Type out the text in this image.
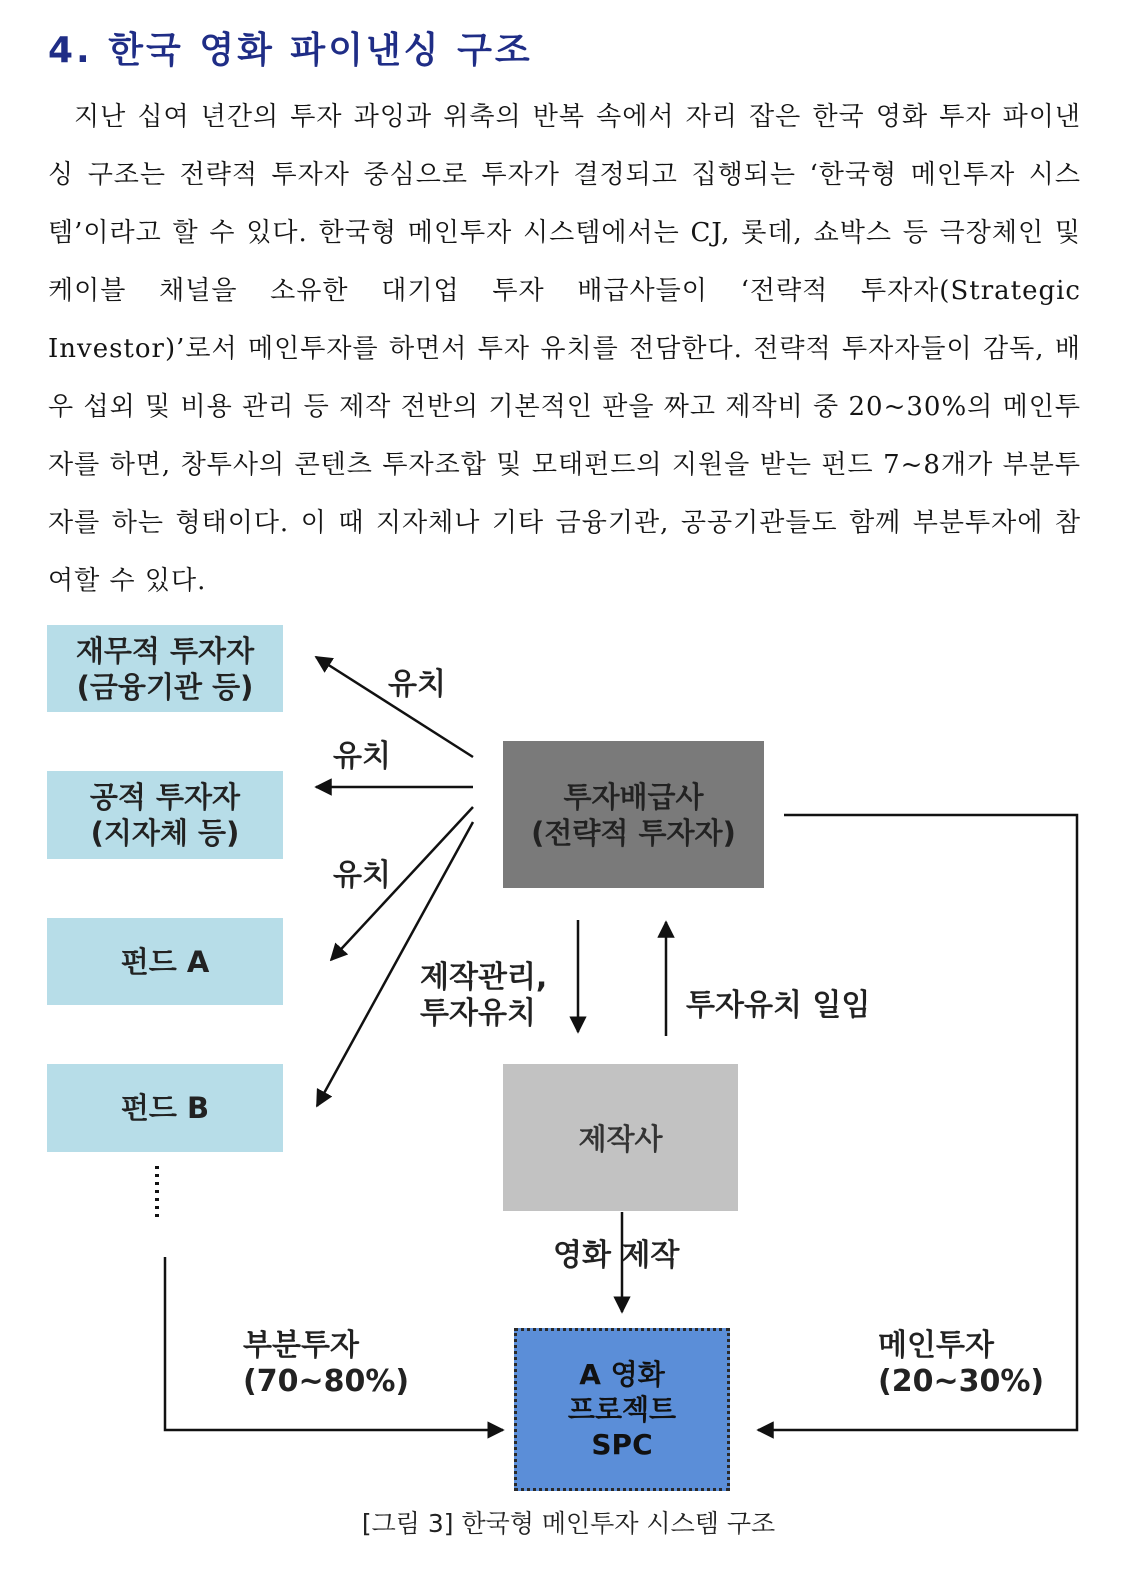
4. 한국 영화 파이낸싱 구조

지난 십여 년간의 투자 과잉과 위축의 반복 속에서 자리 잡은 한국 영화 투자 파이낸싱 구조는 전략적 투자자 중심으로 투자가 결정되고 집행되는 ‘한국형 메인투자 시스템’이라고 할 수 있다. 한국형 메인투자 시스템에서는 CJ, 롯데, 쇼박스 등 극장체인 및 케이블 채널을 소유한 대기업 투자 배급사들이 ‘전략적 투자자(Strategic Investor)’로서 메인투자를 하면서 투자 유치를 전담한다. 전략적 투자자들이 감독, 배우 섭외 및 비용 관리 등 제작 전반의 기본적인 판을 짜고 제작비 중 20~30%의 메인투자를 하면, 창투사의 콘텐츠 투자조합 및 모태펀드의 지원을 받는 펀드 7~8개가 부분투자를 하는 형태이다. 이 때 지자체나 기타 금융기관, 공공기관들도 함께 부분투자에 참여할 수 있다.

재무적 투자자
(금융기관 등)
공적 투자자
(지자체 등)
펀드 A
펀드 B
투자배급사
(전략적 투자자)
제작사
A 영화
프로젝트
SPC
유치
유치
유치
제작관리,
투자유치	투자유치 일임
영화 제작
부분투자
(70~80%)
메인투자
(20~30%)
[그림 3] 한국형 메인투자 시스템 구조
